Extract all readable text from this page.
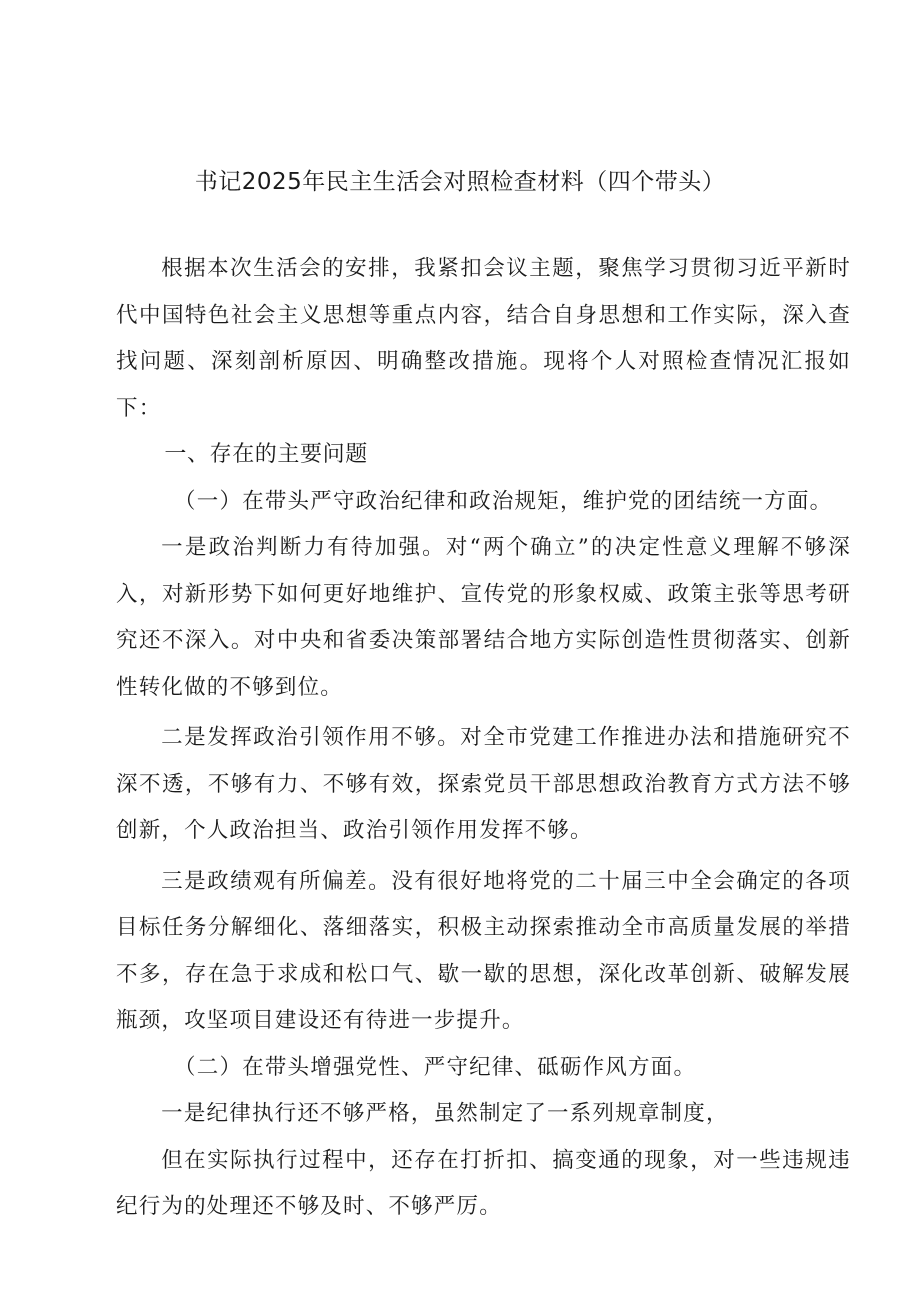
书记2025年民主生活会对照检查材料（四个带头）

根据本次生活会的安排，我紧扣会议主题，聚焦学习贯彻习近平新时代中国特色社会主义思想等重点内容，结合自身思想和工作实际，深入查找问题、深刻剖析原因、明确整改措施。现将个人对照检查情况汇报如下：

一、存在的主要问题

（一）在带头严守政治纪律和政治规矩，维护党的团结统一方面。

一是政治判断力有待加强。对“两个确立”的决定性意义理解不够深入，对新形势下如何更好地维护、宣传党的形象权威、政策主张等思考研究还不深入。对中央和省委决策部署结合地方实际创造性贯彻落实、创新性转化做的不够到位。

二是发挥政治引领作用不够。对全市党建工作推进办法和措施研究不深不透，不够有力、不够有效，探索党员干部思想政治教育方式方法不够创新，个人政治担当、政治引领作用发挥不够。

三是政绩观有所偏差。没有很好地将党的二十届三中全会确定的各项目标任务分解细化、落细落实，积极主动探索推动全市高质量发展的举措不多，存在急于求成和松口气、歇一歇的思想，深化改革创新、破解发展瓶颈，攻坚项目建设还有待进一步提升。

（二）在带头增强党性、严守纪律、砥砺作风方面。

一是纪律执行还不够严格，虽然制定了一系列规章制度，

但在实际执行过程中，还存在打折扣、搞变通的现象，对一些违规违纪行为的处理还不够及时、不够严厉。
